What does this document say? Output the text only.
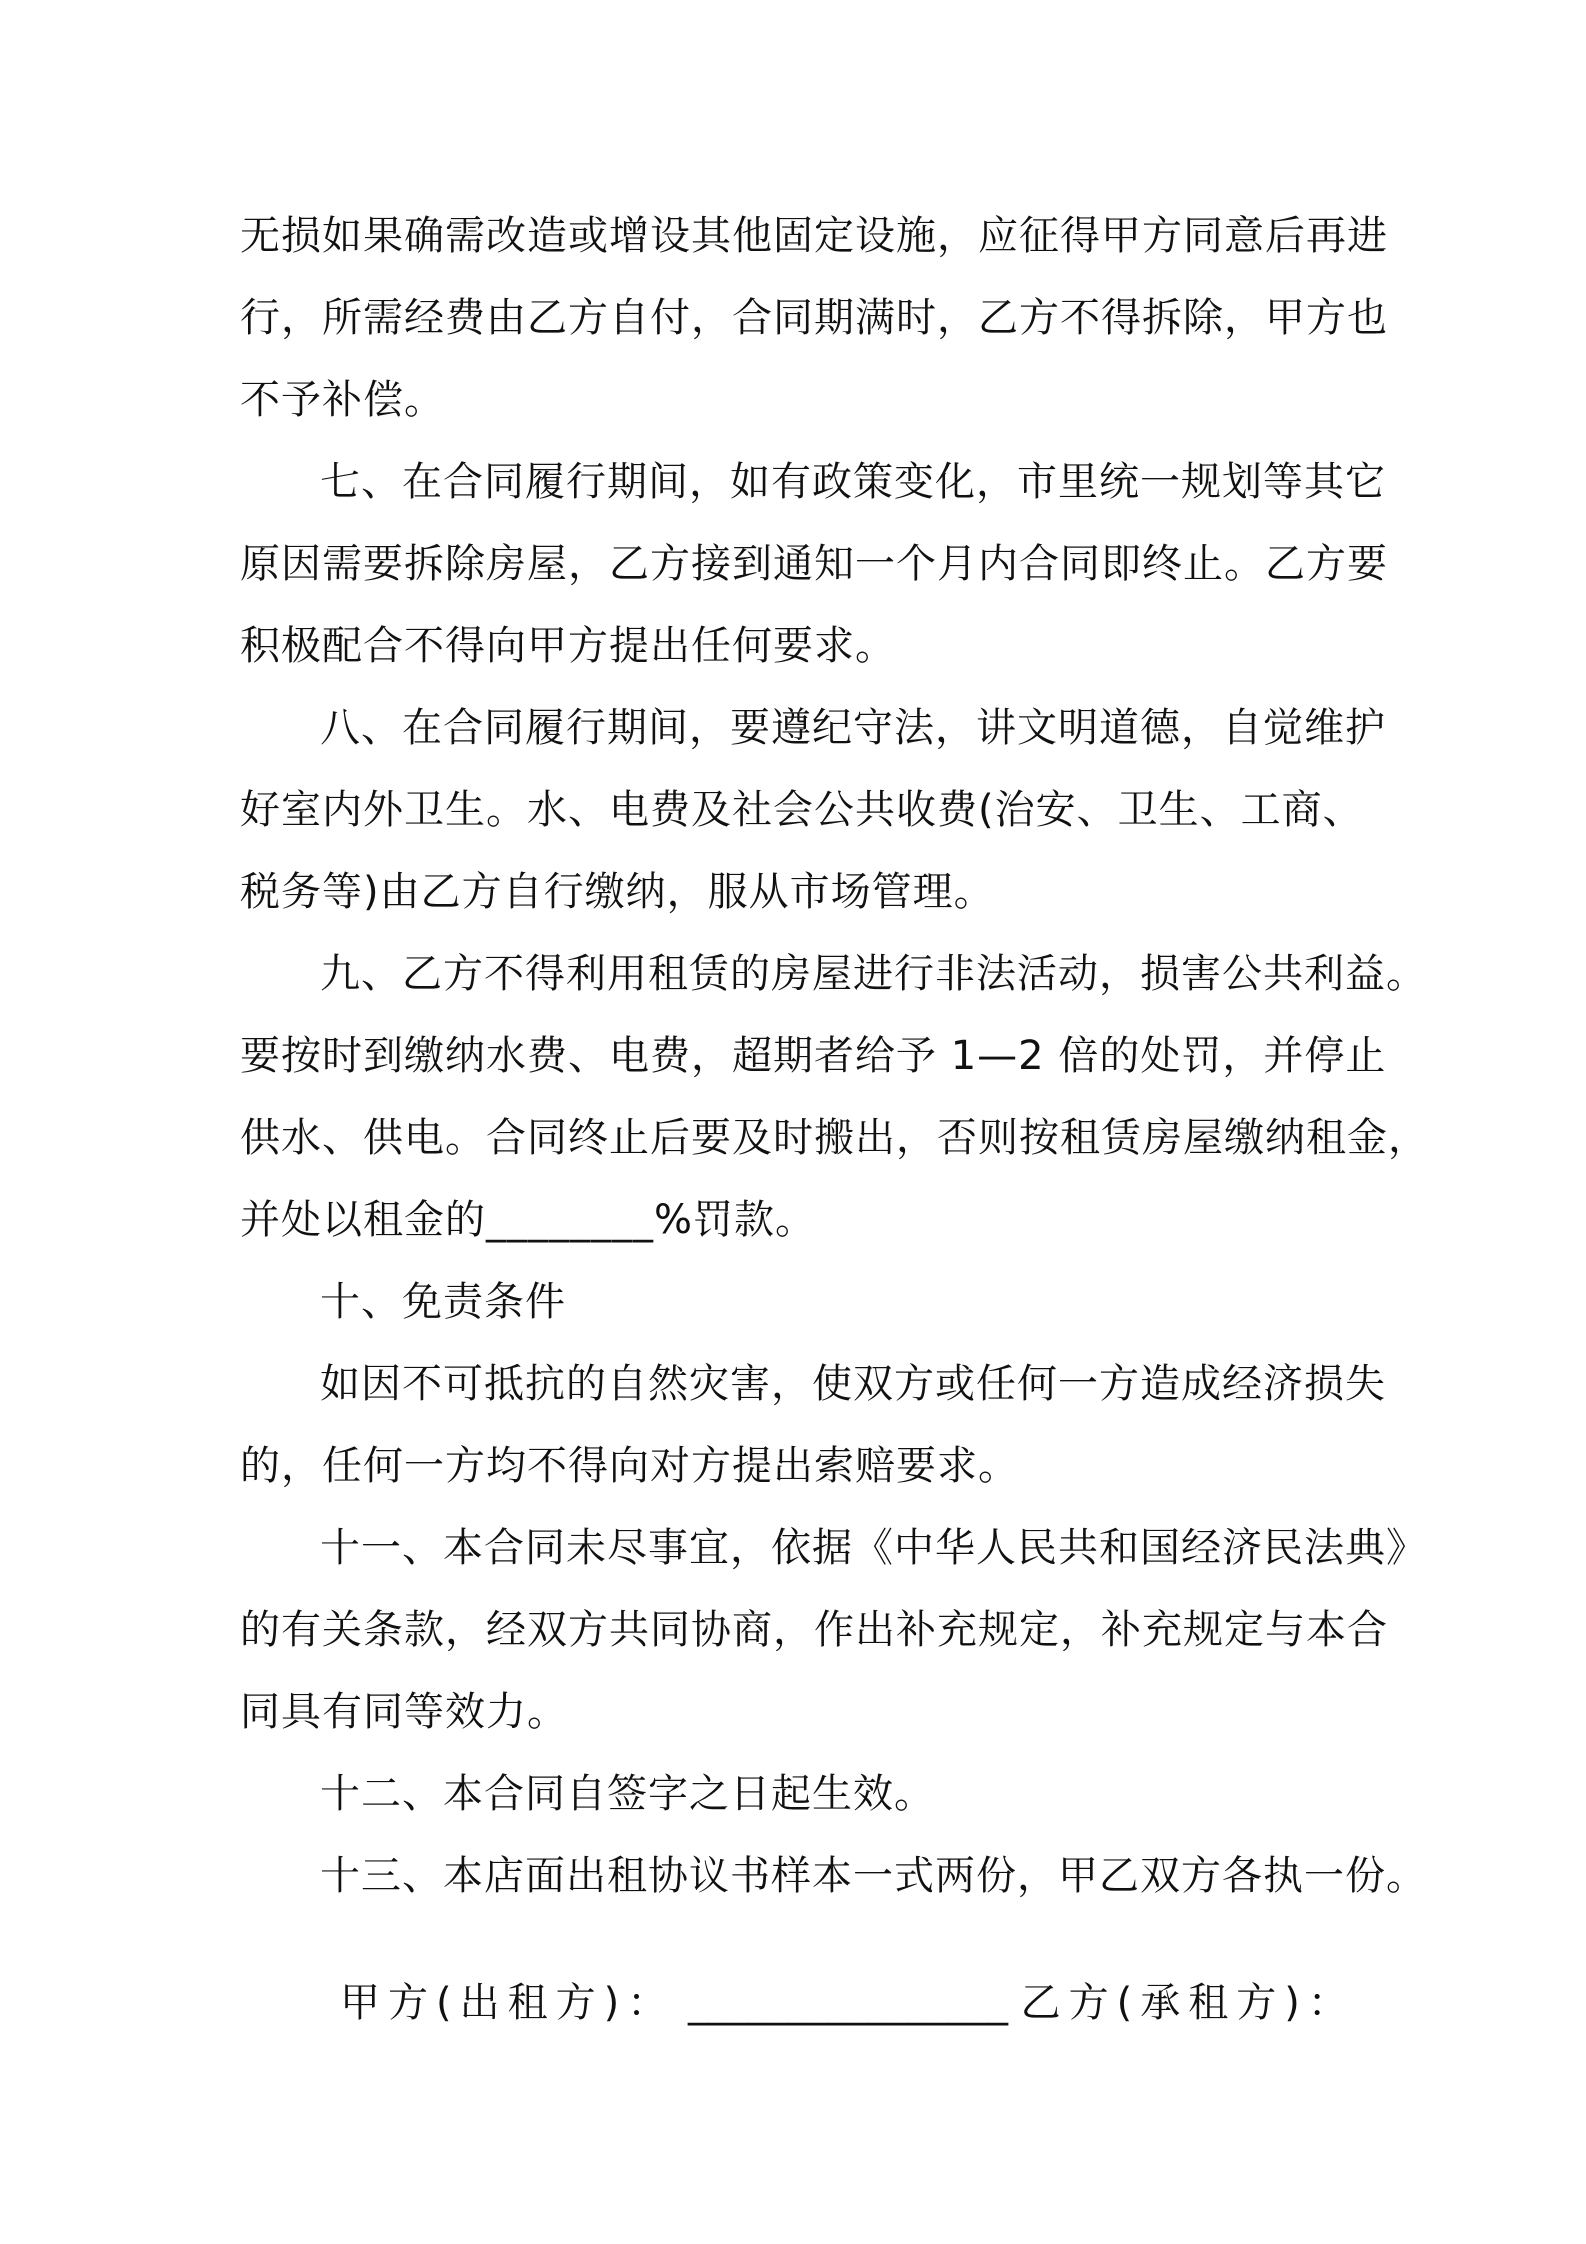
无损如果确需改造或增设其他固定设施，应征得甲方同意后再进
行，所需经费由乙方自付，合同期满时，乙方不得拆除，甲方也
不予补偿。
七、在合同履行期间，如有政策变化，市里统一规划等其它
原因需要拆除房屋，乙方接到通知一个月内合同即终止。乙方要
积极配合不得向甲方提出任何要求。
八、在合同履行期间，要遵纪守法，讲文明道德，自觉维护
好室内外卫生。水、电费及社会公共收费(治安、卫生、工商、
税务等)由乙方自行缴纳，服从市场管理。
九、乙方不得利用租赁的房屋进行非法活动，损害公共利益。
要按时到缴纳水费、电费，超期者给予 1—2 倍的处罚，并停止
供水、供电。合同终止后要及时搬出，否则按租赁房屋缴纳租金，
并处以租金的________%罚款。
十、免责条件
如因不可抵抗的自然灾害，使双方或任何一方造成经济损失
的，任何一方均不得向对方提出索赔要求。
十一、本合同未尽事宜，依据《中华人民共和国经济民法典》
的有关条款，经双方共同协商，作出补充规定，补充规定与本合
同具有同等效力。
十二、本合同自签字之日起生效。
十三、本店面出租协议书样本一式两份，甲乙双方各执一份。
甲方(出租方)： ________________ 乙方(承租方)：
